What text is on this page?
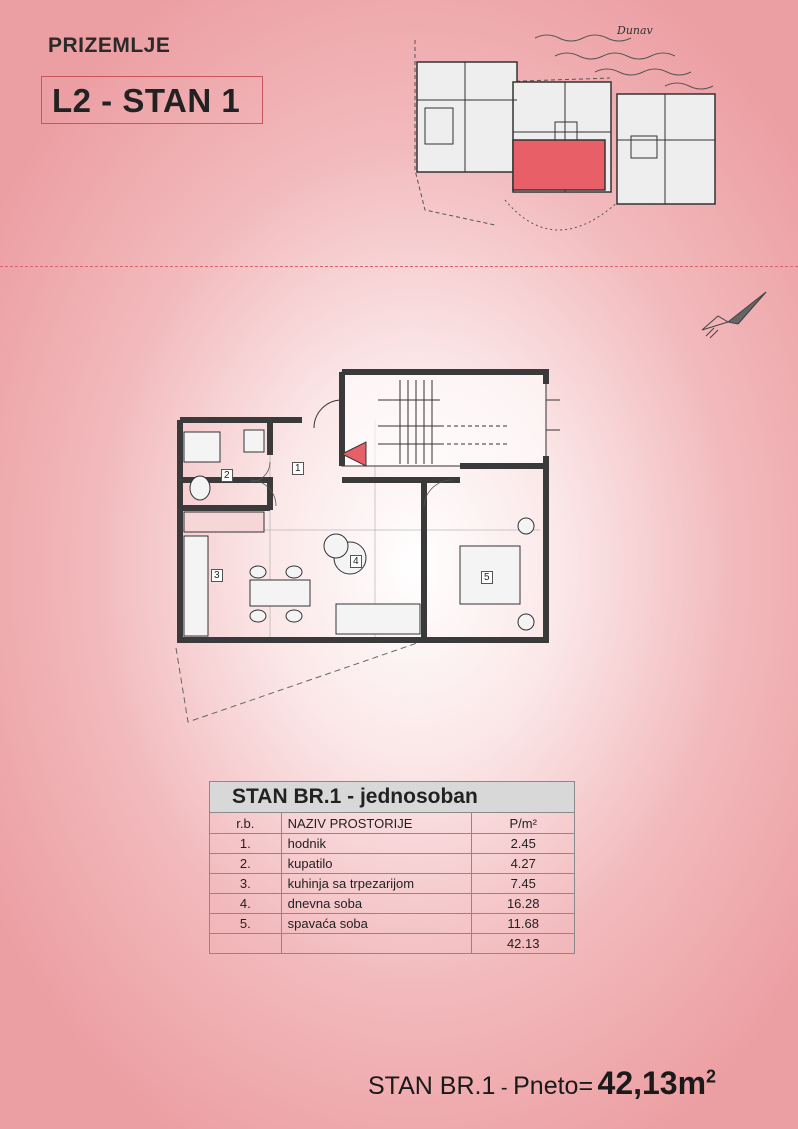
PRIZEMLJE
L2 - STAN 1
Dunav
1
2
3
4
5
STAN BR.1 - jednosoban		
r.b.	NAZIV PROSTORIJE	P/m²
1.	hodnik	2.45
2.	kupatilo	4.27
3.	kuhinja sa trpezarijom	7.45
4.	dnevna soba	16.28
5.	spavaća soba	11.68
		42.13
STAN BR.1 - Pneto= $42,13m^2$
